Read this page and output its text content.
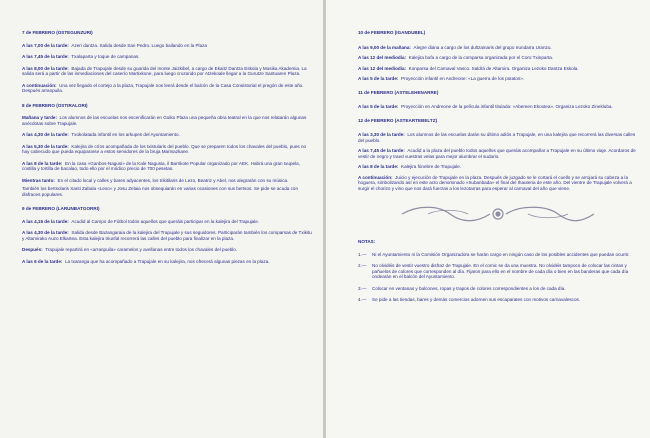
7 de FEBRERO (OSTEGUNZURI)
A las 7,00 de la tarde: Azeri dantza. Salida desde San Pedro. Luego bailando en la Plaza
A las 7,45 de la tarde: Txalaparta y toque de campanas.
A las 8,00 de la tarde: Bajada de Trapujale desde su guarida del monte Jaizkibel, a cargo de Ekaitz Dantza Eskola y Musika Akademia. La salida será a partir de las inmediaciones del caserío Martixkone, para luego cruzando por Atzekoale llegar a la Gurutze Santuaren Plaza.
A continuación: Una vez llegado el cortejo a la plaza, Trapujale nos leerá desde el balcón de la Casa Consistorial el pregón de este año. Después arranpuila.
8 de FEBRERO (OSTIRALORI)
Mañana y tarde: Los alumnos de las escuelas nos escenificarán en Goiko Plaza una pequeña obra teatral en la que nos relatarán algunas anécdotas sobre Trapujale.
A las 4,30 de la tarde: Txokolatada infantil en los arkupes del Ayuntamiento.
A las 5,30 de la tarde: Kalejira de críos acompañada de los txistularis del pueblo. Que se preparen todos los chavales del pueblo, pues no hay cabecudo que pueda equipararse a estos servidores de la bruja Marinazkane.
A las 8 de la tarde: En la casa «Ganbos-Nagusi» de la Kale Nagusia, il Barrikote Popular organizado por AEK. Habrá una gran txupela, costilla y tortilla de bacalao, todo ello por el módico precio de 700 pesetas.
Mientras tanto: En el citado local y calles y bares adyacentes, los trikitilaris de Lezo, Beatriz y Abel, nos alegrarán con su música.
También los bertsolaris Xanti Zabala «Lexo» y Josu Zelaia nos obsequiarán en varias ocasiones con sus bertsos. Se pide se acuda con disfraces populares.
9 de FEBRERO (LARUNBATGORRI)
A las 4,15 de la tarde: Acudid al Campo de Fútbol todos aquellos que queráis participar en la kalejira del Trapujale.
A las 4,30 de la tarde: Salida desde Bazangaraia de la kalejira del Trapujale y sus seguidores. Participarán también los comparsas de Txikitu y Altamirako Auzo Elkartea. Esta kalejira triunfal recorrerá las calles del pueblo para finalizar en la plaza.
Después: Trapujale repartirá en «arranpuila» caramelos y avellanas entre todos los chavales del pueblo.
A las 6 de la tarde: La txaranga que ha acompañado a Trapujale en su kalejira, nos ofrecerá algunas piezas en la plaza.
10 de FEBRERO (IGANDUBEL)
A las 9,00 de la mañana: Alegre diana a cargo de los dultzainaris del grupo Irundarra Uranzu.
A las 12 del mediodía: Kalejira bufa a cargo de la comparsa organizada por el Coro Txinparta.
A las 12 del mediodía: Konparsa del Carnaval Vasco. Saldrá de Altamira. Organiza Lezoko Dantza Eskola.
A las 5 de la tarde: Proyección infantil en Andreone: «La guerra de los potatos».
11 de FEBRERO (ASTELEHENARRE)
A las 5 de la tarde: Proyección en Andreone de la película infantil titulada: «Abereen Ekoxtea». Organiza Lezoko Zinekluba.
12 de FEBRERO (ASTEARTEBELTZ)
A las 3,30 de la tarde: Los alumnos de las escuelas darán su último adiós a Trapujale, en una kalejira que recorrerá las diversas calles del pueblo.
A las 7,45 de la tarde: Acudid a la plaza del pueblo todos aquellos que queráis acompañar a Trapujale en su último viaje. Acordaros de vestir de negro y traed vuestras velas para mejor alumbrar el sudario.
A las 8 de la tarde: Kalejira fúnebre de Trapujale.
A continuación: Juicio y ejecución de Trapujale en la plaza. Después de juzgado se le cortará el cuello y se arrojará su cabeza a la hoguera, simbolizando así en este acto denominado «Subanbada» el final del Ihauteria de este año. Del vientre de Trapujale volverá a surgir el chorizo y vino que nos dará fuerzas a los lezotarras para esperar al carnaval del año que viene.
NOTAS:
1.— Ni el Ayuntamiento ni la Comisión Organizadora se harán cargo en ningún caso de los posibles accidentes que puedan ocurrir.
2.— No olvidéis de vestir vuestro disfraz de Trapujale. En el comic se da una muestra. No olvidéis tampoco de colocar las cintas y pañuelos de colores que corresponden al día. Fijaros para ello en el nombre de cada día o bien en las banderas que cada día ondearán en el balcón del Ayuntamiento.
3.— Colocar en ventanas y balcones, ropas y trapos de colores correspondientes a los de cada día.
4.— Se pide a las tiendas, bares y demás comercios adornen sus escaparates con motivos carnavalescos.
